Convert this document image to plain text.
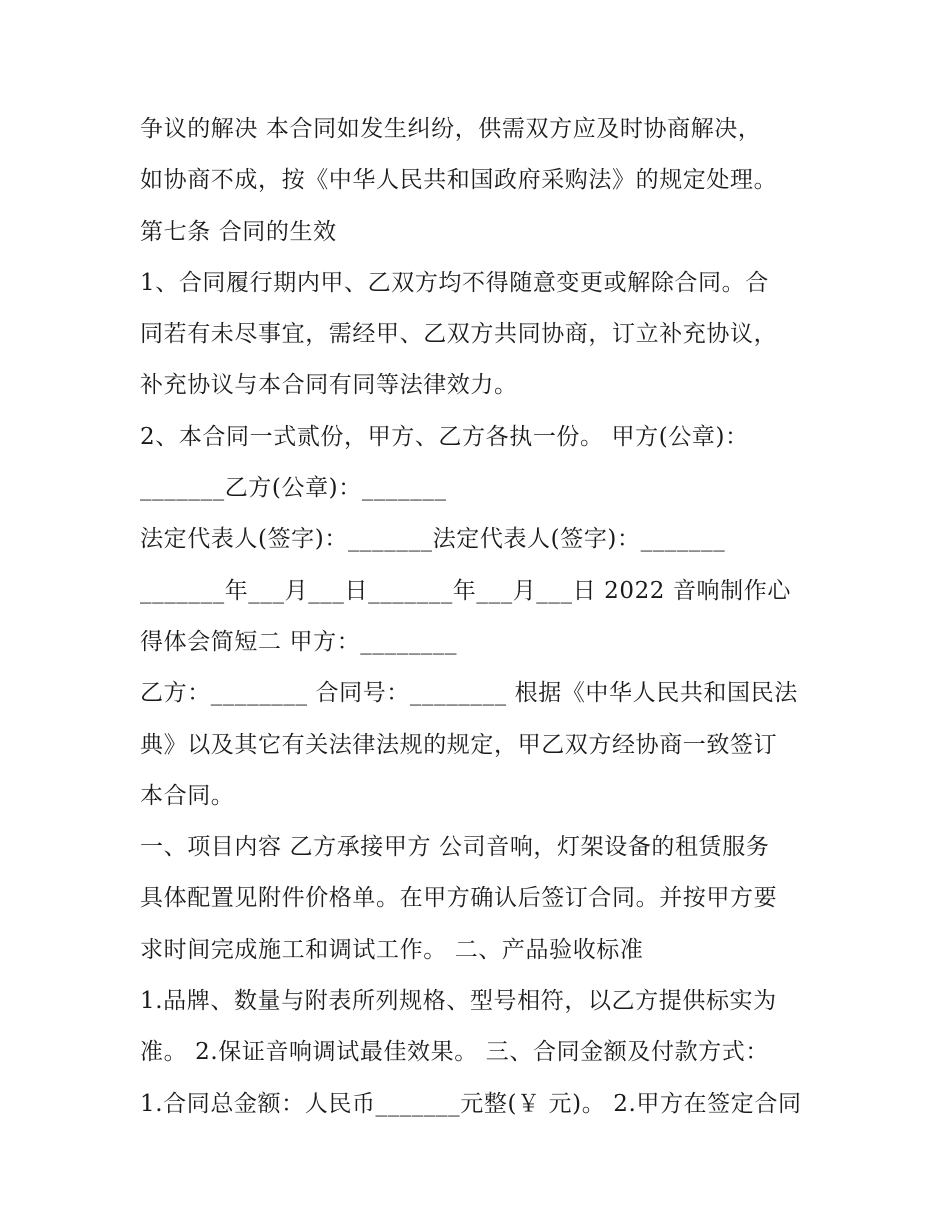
争议的解决 本合同如发生纠纷，供需双方应及时协商解决，
如协商不成，按《中华人民共和国政府采购法》的规定处理。
第七条 合同的生效
1、合同履行期内甲、乙双方均不得随意变更或解除合同。合
同若有未尽事宜，需经甲、乙双方共同协商，订立补充协议，
补充协议与本合同有同等法律效力。
2、本合同一式贰份，甲方、乙方各执一份。 甲方(公章)：
_______乙方(公章)：_______
法定代表人(签字)：_______法定代表人(签字)：_______
_______年___月___日_______年___月___日 2022 音响制作心
得体会简短二 甲方：________
乙方：________ 合同号：________ 根据《中华人民共和国民法
典》以及其它有关法律法规的规定，甲乙双方经协商一致签订
本合同。
一、项目内容 乙方承接甲方 公司音响，灯架设备的租赁服务
具体配置见附件价格单。在甲方确认后签订合同。并按甲方要
求时间完成施工和调试工作。 二、产品验收标准
1.品牌、数量与附表所列规格、型号相符，以乙方提供标实为
准。 2.保证音响调试最佳效果。 三、合同金额及付款方式：
1.合同总金额：人民币_______元整(￥ 元)。 2.甲方在签定合同
